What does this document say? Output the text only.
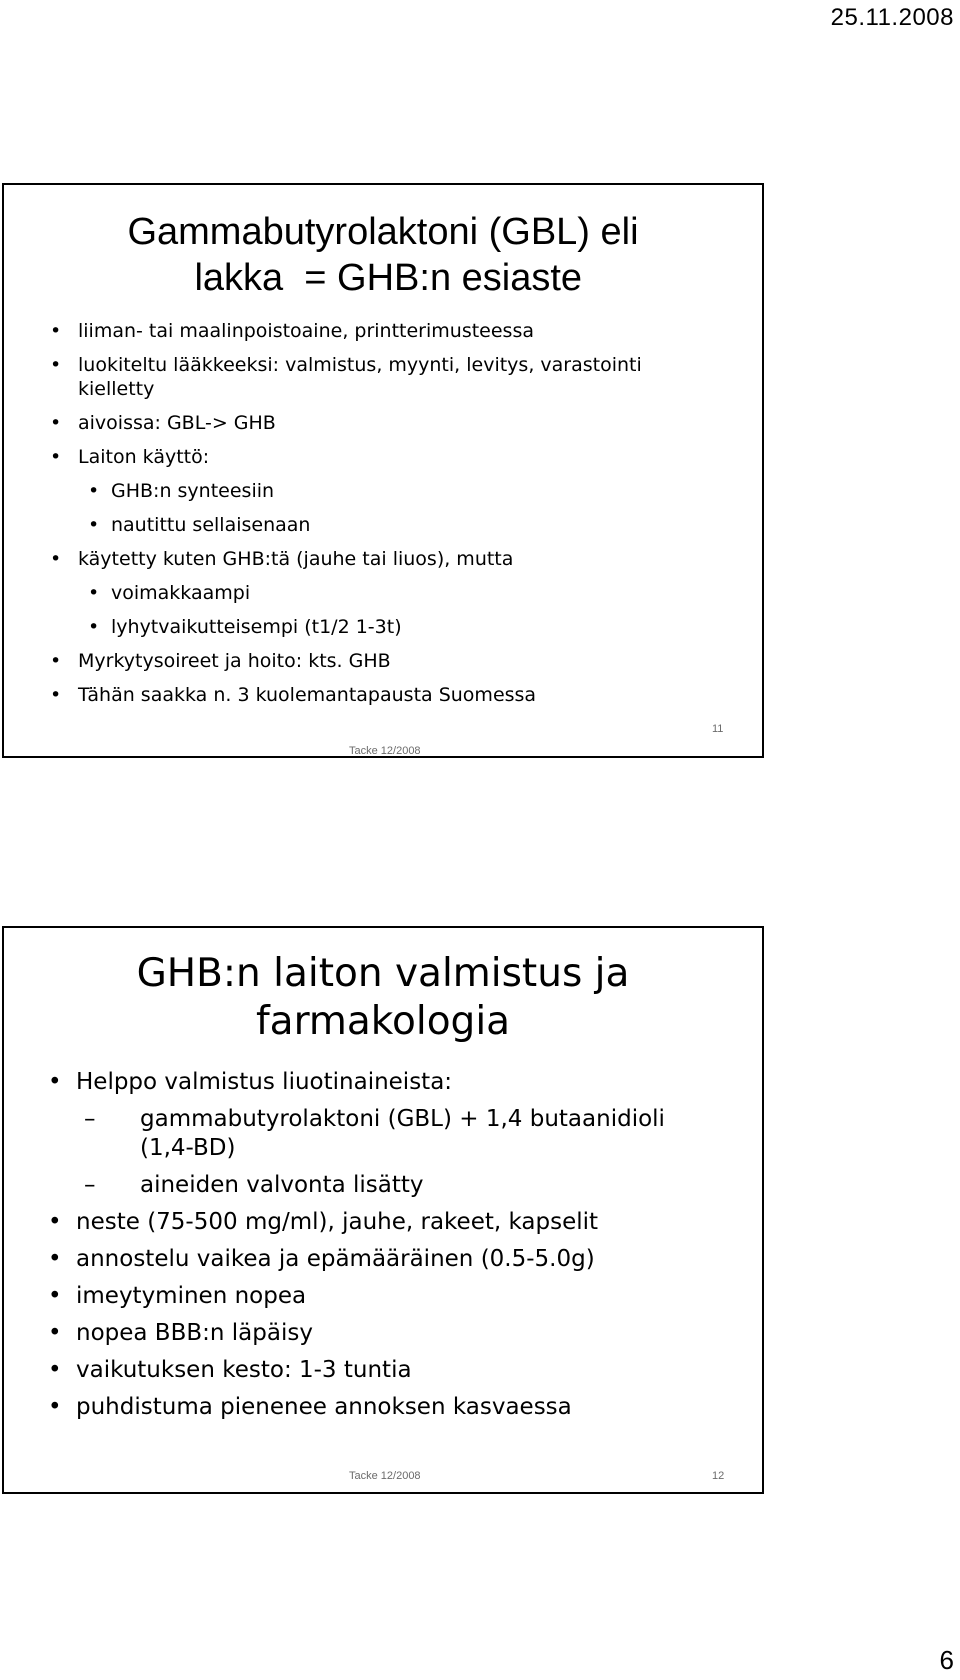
25.11.2008
Gammabutyrolaktoni (GBL) eli
lakka  = GHB:n esiaste
• liiman- tai maalinpoistoaine, printterimusteessa
• luokiteltu lääkkeeksi: valmistus, myynti, levitys, varastointi kielletty
• aivoissa: GBL-> GHB
• Laiton käyttö:
• GHB:n synteesiin
• nautittu sellaisenaan
• käytetty kuten GHB:tä (jauhe tai liuos), mutta
• voimakkaampi
• lyhytvaikutteisempi (t1/2 1-3t)
• Myrkytysoireet ja hoito: kts. GHB
• Tähän saakka n. 3 kuolemantapausta Suomessa
Tacke 12/2008
11
GHB:n laiton valmistus ja
farmakologia
• Helppo valmistus liuotinaineista:
– gammabutyrolaktoni (GBL) + 1,4 butaanidioli (1,4-BD)
– aineiden valvonta lisätty
• neste (75-500 mg/ml), jauhe, rakeet, kapselit
• annostelu vaikea ja epämääräinen (0.5-5.0g)
• imeytyminen nopea
• nopea BBB:n läpäisy
• vaikutuksen kesto: 1-3 tuntia
• puhdistuma pienenee annoksen kasvaessa
Tacke 12/2008	12
6
